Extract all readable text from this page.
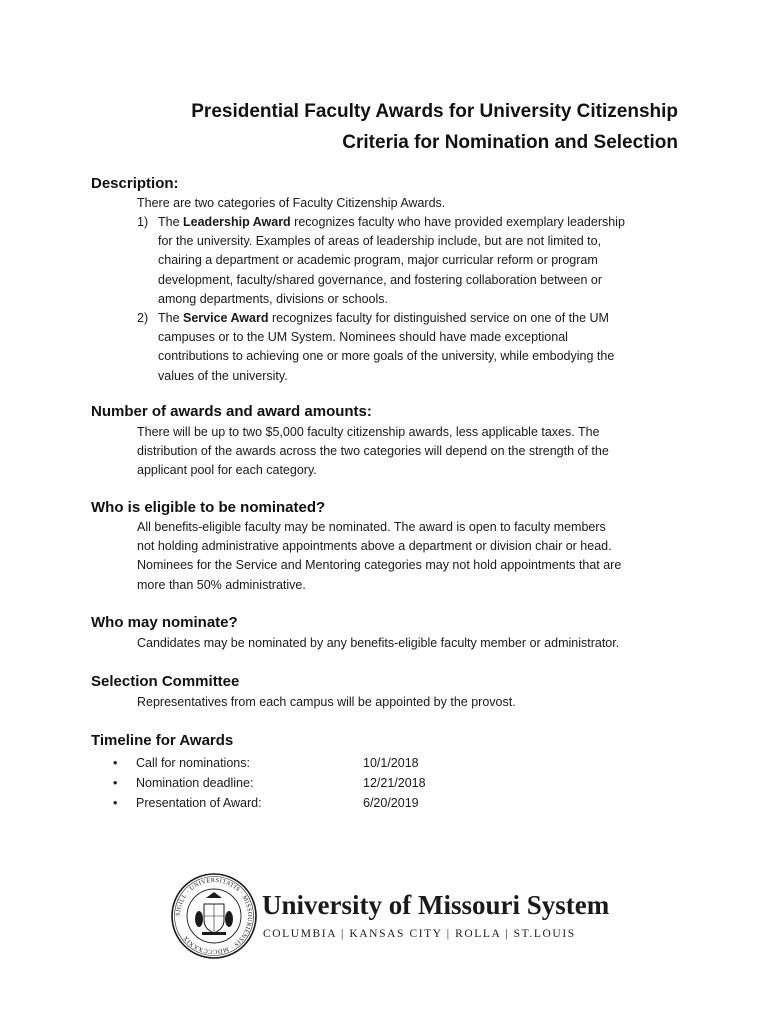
Presidential Faculty Awards for University Citizenship
Criteria for Nomination and Selection
Description:
There are two categories of Faculty Citizenship Awards.
1) The Leadership Award recognizes faculty who have provided exemplary leadership
for the university. Examples of areas of leadership include, but are not limited to,
chairing a department or academic program, major curricular reform or program
development, faculty/shared governance, and fostering collaboration between or
among departments, divisions or schools.
2) The Service Award recognizes faculty for distinguished service on one of the UM
campuses or to the UM System. Nominees should have made exceptional
contributions to achieving one or more goals of the university, while embodying the
values of the university.
Number of awards and award amounts:
There will be up to two $5,000 faculty citizenship awards, less applicable taxes. The
distribution of the awards across the two categories will depend on the strength of the
applicant pool for each category.
Who is eligible to be nominated?
All benefits-eligible faculty may be nominated. The award is open to faculty members
not holding administrative appointments above a department or division chair or head.
Nominees for the Service and Mentoring categories may not hold appointments that are
more than 50% administrative.
Who may nominate?
Candidates may be nominated by any benefits-eligible faculty member or administrator.
Selection Committee
Representatives from each campus will be appointed by the provost.
Timeline for Awards
• Call for nominations:	10/1/2018
• Nomination deadline:	12/21/2018
• Presentation of Award:	6/20/2019
SIGILL · UNIVERSITATIS · MISSOURIENSIS · MDCCCXXXIX
University of Missouri System
COLUMBIA | KANSAS CITY | ROLLA | ST.LOUIS
